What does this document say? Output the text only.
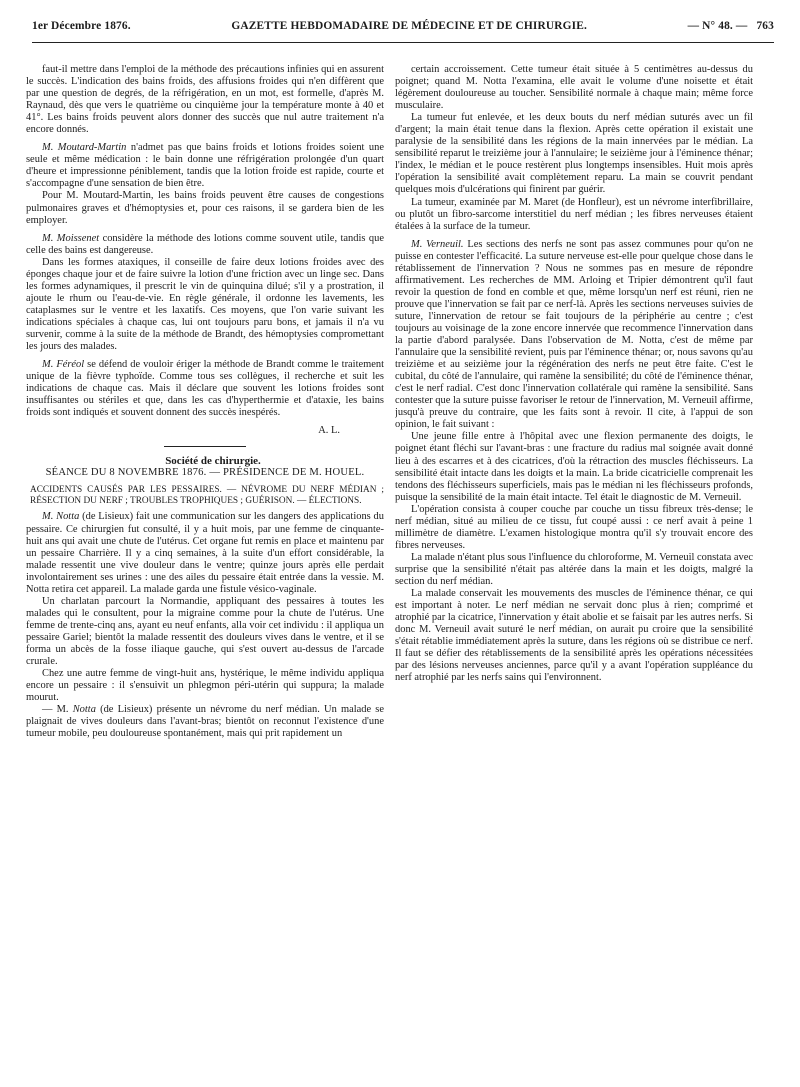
1er Décembre 1876.	GAZETTE HEBDOMADAIRE DE MÉDECINE ET DE CHIRURGIE.	— N° 48. — 763

faut-il mettre dans l'emploi de la méthode des précautions infinies qui en assurent le succès. L'indication des bains froids, des affusions froides qui n'en diffèrent que par une question de degrés, de la réfrigération, en un mot, est formelle, d'après M. Raynaud, dès que vers le quatrième ou cinquième jour la température monte à 40 et 41°. Les bains froids peuvent alors donner des succès que nul autre traitement n'a encore donnés.

M. Moutard-Martin n'admet pas que bains froids et lotions froides soient une seule et même médication : le bain donne une réfrigération prolongée d'un quart d'heure et impressionne péniblement, tandis que la lotion froide est rapide, courte et s'accompagne d'une sensation de bien être.

Pour M. Moutard-Martin, les bains froids peuvent être causes de congestions pulmonaires graves et d'hémoptysies et, pour ces raisons, il se gardera bien de les employer.

M. Moissenet considère la méthode des lotions comme souvent utile, tandis que celle des bains est dangereuse.

Dans les formes ataxiques, il conseille de faire deux lotions froides avec des éponges chaque jour et de faire suivre la lotion d'une friction avec un linge sec. Dans les formes adynamiques, il prescrit le vin de quinquina dilué; s'il y a prostration, il ajoute le rhum ou l'eau-de-vie. En règle générale, il ordonne les lavements, les cataplasmes sur le ventre et les laxatifs. Ces moyens, que l'on varie suivant les indications spéciales à chaque cas, lui ont toujours paru bons, et jamais il n'a vu survenir, comme à la suite de la méthode de Brandt, des hémoptysies compromettant les jours des malades.

M. Féréol se défend de vouloir ériger la méthode de Brandt comme le traitement unique de la fièvre typhoïde. Comme tous ses collègues, il recherche et suit les indications de chaque cas. Mais il déclare que souvent les lotions froides sont insuffisantes ou stériles et que, dans les cas d'hyperthermie et d'ataxie, les bains froids sont indiqués et souvent donnent des succès inespérés.

A. L.

Société de chirurgie.

SÉANCE DU 8 NOVEMBRE 1876. — PRÉSIDENCE DE M. HOUEL.

ACCIDENTS CAUSÉS PAR LES PESSAIRES. — NÉVROME DU NERF MÉDIAN ; RÉSECTION DU NERF ; TROUBLES TROPHIQUES ; GUÉRISON. — ÉLECTIONS.

M. Notta (de Lisieux) fait une communication sur les dangers des applications du pessaire. Ce chirurgien fut consulté, il y a huit mois, par une femme de cinquante-huit ans qui avait une chute de l'utérus. Cet organe fut remis en place et maintenu par un pessaire Charrière. Il y a cinq semaines, à la suite d'un effort considérable, la malade ressentit une vive douleur dans le ventre; quinze jours après elle perdait involontairement ses urines : une des ailes du pessaire était entrée dans la vessie. M. Notta retira cet appareil. La malade garda une fistule vésico-vaginale.

Un charlatan parcourt la Normandie, appliquant des pessaires à toutes les malades qui le consultent, pour la migraine comme pour la chute de l'utérus. Une femme de trente-cinq ans, ayant eu neuf enfants, alla voir cet individu : il appliqua un pessaire Gariel; bientôt la malade ressentit des douleurs vives dans le ventre, et il se forma un abcès de la fosse iliaque gauche, qui s'est ouvert au-dessus de l'arcade crurale.

Chez une autre femme de vingt-huit ans, hystérique, le même individu appliqua encore un pessaire : il s'ensuivit un phlegmon péri-utérin qui suppura; la malade mourut.

— M. Notta (de Lisieux) présente un névrome du nerf médian. Un malade se plaignait de vives douleurs dans l'avant-bras; bientôt on reconnut l'existence d'une tumeur mobile, peu douloureuse spontanément, mais qui prit rapidement un

certain accroissement. Cette tumeur était située à 5 centimètres au-dessus du poignet; quand M. Notta l'examina, elle avait le volume d'une noisette et était légèrement douloureuse au toucher. Sensibilité normale à chaque main; même force musculaire.

La tumeur fut enlevée, et les deux bouts du nerf médian suturés avec un fil d'argent; la main était tenue dans la flexion. Après cette opération il existait une paralysie de la sensibilité dans les régions de la main innervées par le médian. La sensibilité reparut le treizième jour à l'annulaire; le seizième jour à l'éminence thénar; l'index, le médian et le pouce restèrent plus longtemps insensibles. Huit mois après l'opération la sensibilité avait complètement reparu. La main se couvrit pendant quelques mois d'ulcérations qui finirent par guérir.

La tumeur, examinée par M. Maret (de Honfleur), est un névrome interfibrillaire, ou plutôt un fibro-sarcome interstitiel du nerf médian ; les fibres nerveuses étaient étalées à la surface de la tumeur.

M. Verneuil. Les sections des nerfs ne sont pas assez communes pour qu'on ne puisse en contester l'efficacité. La suture nerveuse est-elle pour quelque chose dans le rétablissement de l'innervation ? Nous ne sommes pas en mesure de répondre affirmativement. Les recherches de MM. Arloing et Tripier démontrent qu'il faut revoir la question de fond en comble et que, même lorsqu'un nerf est réuni, rien ne prouve que l'innervation se fait par ce nerf-là. Après les sections nerveuses suivies de suture, l'innervation de retour se fait toujours de la périphérie au centre ; c'est toujours au voisinage de la zone encore innervée que recommence l'innervation dans la partie d'abord paralysée. Dans l'observation de M. Notta, c'est de même par l'annulaire que la sensibilité revient, puis par l'éminence thénar; or, nous savons qu'au treizième et au seizième jour la régénération des nerfs ne peut être faite. C'est le cubital, du côté de l'annulaire, qui ramène la sensibilité; du côté de l'éminence thénar, c'est le nerf radial. C'est donc l'innervation collatérale qui ramène la sensibilité. Sans contester que la suture puisse favoriser le retour de l'innervation, M. Verneuil affirme, jusqu'à preuve du contraire, que les faits sont à revoir. Il cite, à l'appui de son opinion, le fait suivant :

Une jeune fille entre à l'hôpital avec une flexion permanente des doigts, le poignet étant fléchi sur l'avant-bras : une fracture du radius mal soignée avait donné lieu à des escarres et à des cicatrices, d'où la rétraction des muscles fléchisseurs. La sensibilité était intacte dans les doigts et la main. La bride cicatricielle comprenait les tendons des fléchisseurs superficiels, mais pas le médian ni les fléchisseurs profonds, puisque la sensibilité de la main était intacte. Tel était le diagnostic de M. Verneuil.

L'opération consista à couper couche par couche un tissu fibreux très-dense; le nerf médian, situé au milieu de ce tissu, fut coupé aussi : ce nerf avait à peine 1 millimètre de diamètre. L'examen histologique montra qu'il s'y trouvait encore des fibres nerveuses.

La malade n'étant plus sous l'influence du chloroforme, M. Verneuil constata avec surprise que la sensibilité n'était pas altérée dans la main et les doigts, malgré la section du nerf médian.

La malade conservait les mouvements des muscles de l'éminence thénar, ce qui est important à noter. Le nerf médian ne servait donc plus à rien; comprimé et atrophié par la cicatrice, l'innervation y était abolie et se faisait par les autres nerfs. Si donc M. Verneuil avait suturé le nerf médian, on aurait pu croire que la sensibilité s'était rétablie immédiatement après la suture, dans les régions où se distribue ce nerf. Il faut se défier des rétablissements de la sensibilité après les opérations nécessitées par des lésions nerveuses anciennes, parce qu'il y a avant l'opération suppléance du nerf atrophié par les nerfs sains qui l'environnent.
